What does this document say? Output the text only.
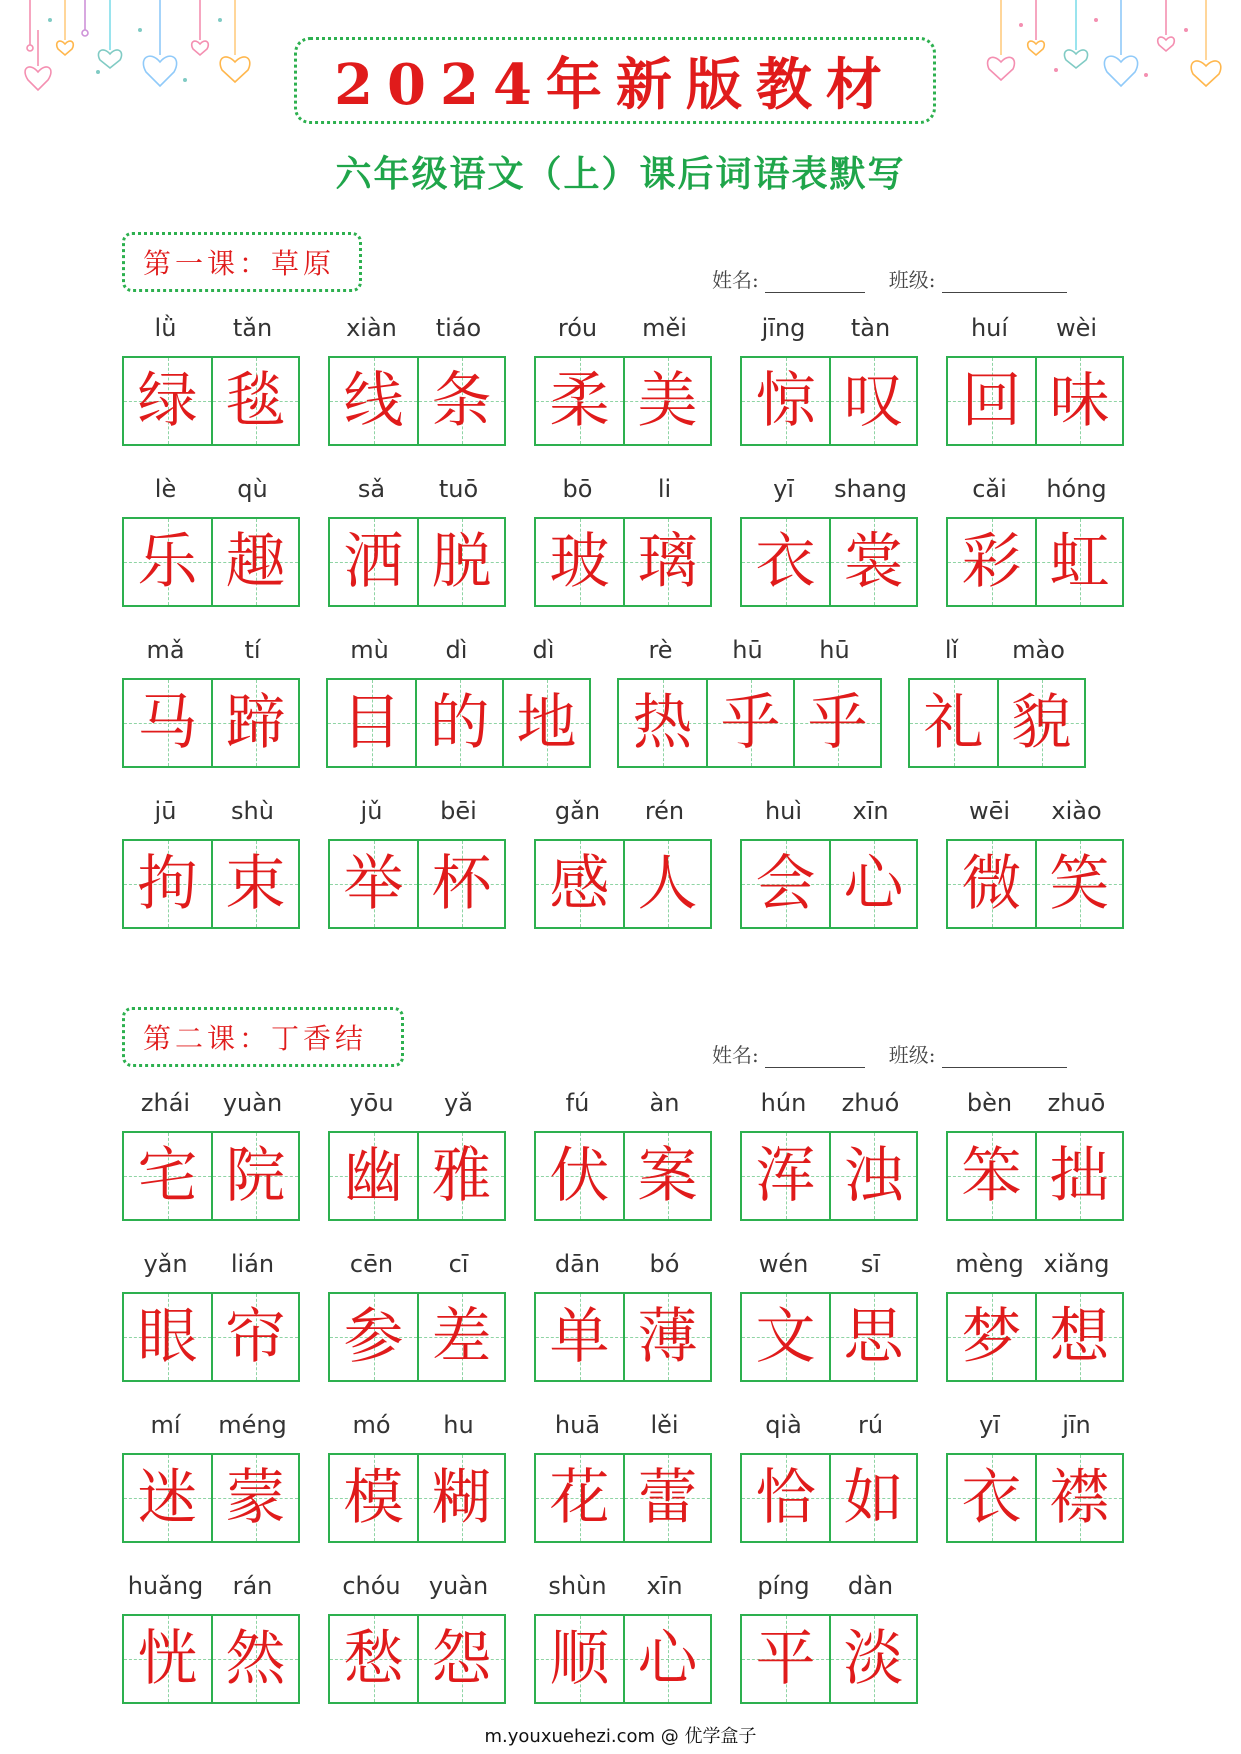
2024年新版教材
六年级语文（上）课后词语表默写
第一课：草原	姓名:	班级:
lǜ	tǎn
绿 毯
xiàn	tiáo
线 条
róu	měi
柔 美
jīng	tàn
惊 叹
huí	wèi
回 味
lè	qù
乐 趣
sǎ	tuō
洒 脱
bō	li
玻 璃
yī	shang
衣 裳
cǎi	hóng
彩 虹
mǎ	tí
马 蹄
mù	dì	dì
目 的 地
rè	hū	hū
热 乎 乎
lǐ	mào
礼 貌
jū	shù
拘 束
jǔ	bēi
举 杯
gǎn	rén
感 人
huì	xīn
会 心
wēi	xiào
微 笑
第二课：丁香结	姓名:	班级:
zhái	yuàn
宅 院
yōu	yǎ
幽 雅
fú	àn
伏 案
hún	zhuó
浑 浊
bèn	zhuō
笨 拙
yǎn	lián
眼 帘
cēn	cī
参 差
dān	bó
单 薄
wén	sī
文 思
mèng xiǎng
梦 想
mí	méng
迷 蒙
mó	hu
模 糊
huā	lěi
花 蕾
qià	rú
恰 如
yī	jīn
衣 襟
huǎng	rán
恍 然
chóu	yuàn
愁 怨
shùn	xīn
顺 心
píng	dàn
平 淡
m.youxuehezi.com @ 优学盒子
